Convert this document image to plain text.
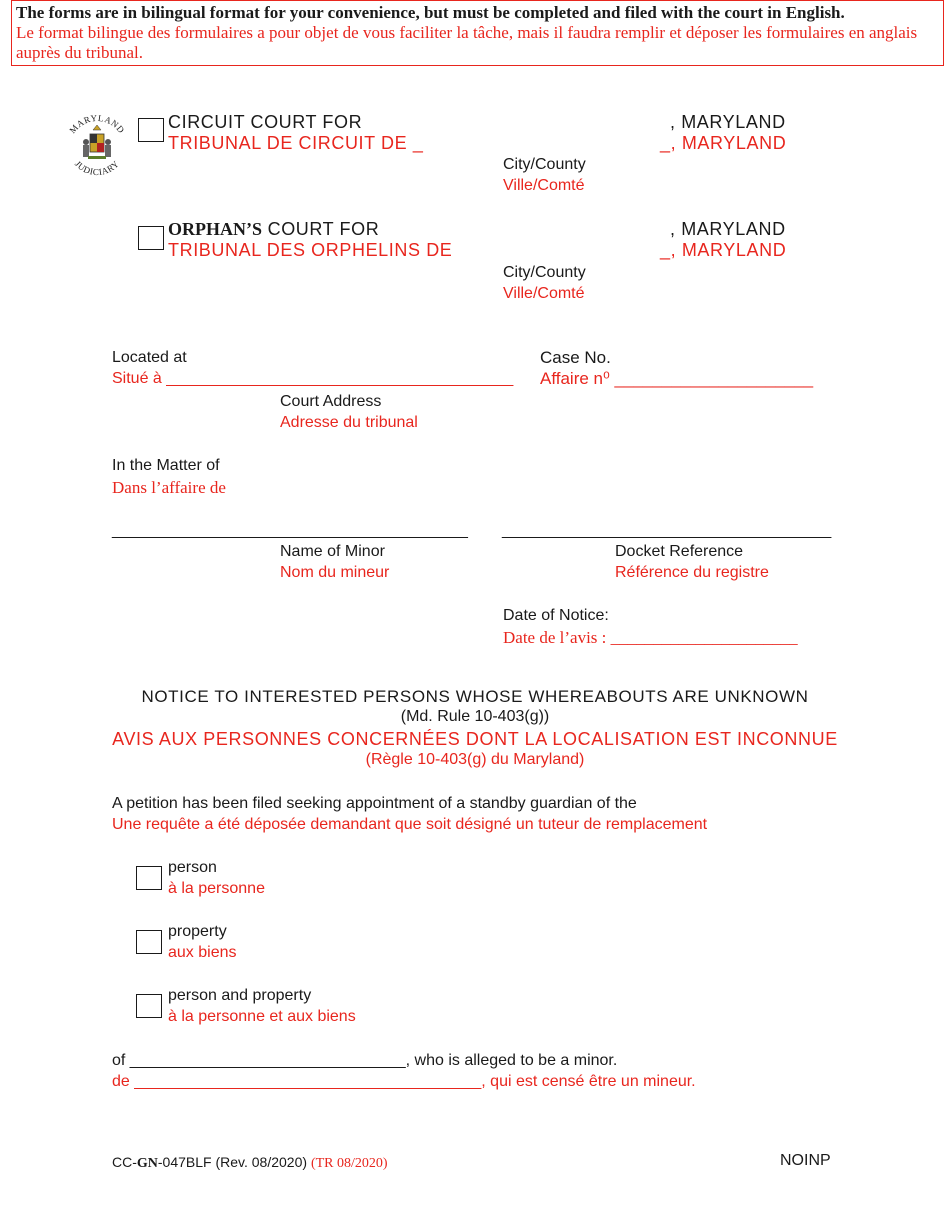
The forms are in bilingual format for your convenience, but must be completed and filed with the court in English.
Le format bilingue des formulaires a pour objet de vous faciliter la tâche, mais il faudra remplir et déposer les formulaires en anglais auprès du tribunal.
MARYLAND
JUDICIARY
CIRCUIT COURT FOR
TRIBUNAL DE CIRCUIT DE _
, MARYLAND
_, MARYLAND
City/County
Ville/Comté
ORPHAN’S COURT FOR
TRIBUNAL DES ORPHELINS DE
, MARYLAND
_, MARYLAND
City/County
Ville/Comté
Located at
Situé à _______________________________________
Court Address
Adresse du tribunal
Case No.
Affaire n⁰ _____________________
In the Matter of
Dans l’affaire de
________________________________________ _____________________________________
Name of Minor
Nom du mineur
Docket Reference
Référence du registre
Date of Notice:
Date de l’avis : ______________________
NOTICE TO INTERESTED PERSONS WHOSE WHEREABOUTS ARE UNKNOWN
(Md. Rule 10-403(g))
AVIS AUX PERSONNES CONCERNÉES DONT LA LOCALISATION EST INCONNUE
(Règle 10-403(g) du Maryland)
A petition has been filed seeking appointment of a standby guardian of the
Une requête a été déposée demandant que soit désigné un tuteur de remplacement
person
à la personne
property
aux biens
person and property
à la personne et aux biens
of _______________________________, who is alleged to be a minor.
de _______________________________________, qui est censé être un mineur.
CC-GN-047BLF (Rev. 08/2020) (TR 08/2020)	NOINP
